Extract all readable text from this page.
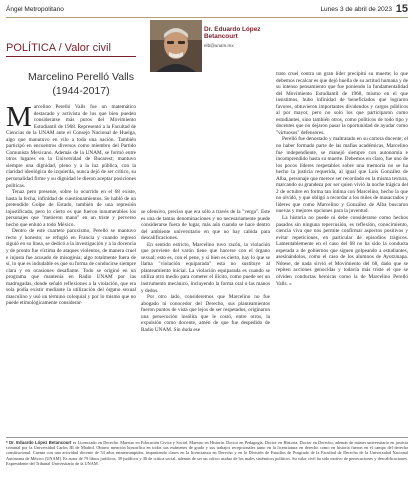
Ángel Metropolitano	Lunes 3 de abril de 2023 15
POLÍTICA / Valor civil
Dr. Eduardo López Betancourt
elb@unam.mx
Marcelino Perelló Valls
(1944-2017)

Marcelino Perelló Valls fue un matemático destacado y activista de los que bien pueden considerarse más puros del Movimiento Estudiantil de 1968. Representó a la Facultad de Ciencias de la UNAM ante el Consejo Nacional de Huelga, algo que manutuvo en vilo a toda una nación. También participó en encuentros diversos como miembro del Partido Comunista Mexicano. Además de la UNAM, se formó entre otros lugares en la Universidad de Bucarest; mantuvo siempre una dignidad, pleno y a la luz pública, con la claridad ideológica de izquierda, nunca dejó de ser crítico, su personalidad firme y su dignidad le dieron aceptar posiciones políticas.

Tenaz pero presente, sobre lo ocurrido en el 68 existe, hasta la fecha, infinidad de cuestionamientos. Se habló de un pretendido Golpe de Estado, también de una represión injustificada, pero lo cierto es que fueron innumerables los personajes que "metieron mano" en un triste y perverso hecho que enlutó a todo México.

Dentro de este cuarteto paroxísmo, Perelló se mantuvo recto y honesto; se refugió en Francia y cuando regresó siguió en su línea, se dedicó a la investigación y a la docencia y de pronto fue víctima de ataques violentos, de manera cruel e injusta fue acusado de misoginia; algo totalmente fuera de sí, lo que es indudable es que su forma de conducirse siempre clara y en ocasiones desafiante. Todo se originó en un programa que mantenía en Radio UNAM por las madrugadas, donde señaló reflexiones a la violación, que era sola podía existir mediante la utilización del órgano sexual masculino y usó un término coloquial y por lo mismo que no puede etimológicamente considerar-

se ofensivo, preciso que era sólo a través de la "verga". Este es una de tantas denominaciones y no necesariamente puede considerarse fuera de lugar, más aún cuando se hace dentro del ambiente universitario en que no hay cabida para descalificaciones.

En sentido estricto, Marcelino tuvo razón, la violación que proviene del varón tiene que hacerse con el órgano sexual; esto es, con el pene, y si bien es cierto, hay lo que se llama "violación equiparada" esta no sustituye al planteamiento inicial. La violación equiparada es cuando se utiliza otro medio para cometer el ilícito, como puede ser un instrumento mecánico, incluyendo la forma oral o las manos y dedos.

Por otro lado, consideremos que Marcelino no fue abogado ni conocedor del Derecho, sus planteamientos fueron puntos de vista que lejos de ser respetados, originaron una persecución insólita que le costó, entre otros, la expulsión como docente, amén de que fue despedido de Radio UNAM. Sin duda ese

trato cruel contra un gran líder precipitó su muerte; lo que debemos recalcar es que dejó huella de su actitud humana y de su intenso pensamiento que fue poniendo la fundamentalidad del Movimiento Estudiantil de 1968, mismo en el que insistimos, hubo infinidad de beneficiados que lograron favores, obtuvieron importantes dividendos y cargos públicos al por mayor, pero no solo los que participaron como estudiantes, sino también otros, como políticos de todo tipo y docentes que no dejaron pasar la oportunidad de ayudar como "virtuosos" defensores.

Perelló fue denostado y maltratado en su carrera docente; el no haber formado parte de las mafias académicas, Marcelino fue independiente, se manejó siempre con autonomía e incomprendido hasta su muerte. Debemos en claro, fue uno de los pocos líderes respetables sobre una memoria no se ha hecho la justicia requerida, al igual que Luis González de Alba, personaje que merece ser recordado en la misma textura, marcando su grandeza por ser quien vivió la noche trágica del 2 de octubre en forma tan íntima con Marcelino, hecho la que no olvidó, y que obligó a recordar a los miles de masacrados y líderes que como Marcelino y González de Alba buscaron nuevas y mejores opciones para la juventud.

La historia no puede ni debe considerarse como hechos pasados sin ninguna repercusión, es reflexión, conocimiento, ciencia viva que nos permite confirmar aspectos positivos y evitar repeticiones, en particular de episodios trágicos. Lamentablemente en el caso del 68 no ha sido la conducta esperada a de gobiernos que siguen golpeando a estudiantes, asesinándolos, como el caso de los alumnos de Ayotzinapa. Nótese, de nada sirvió el Movimiento del 68, dado que se repiten acciones genocidas y todavía más triste el que se olviden conductas heroicas como la de Marcelino Perelló Valls. «

* Dr. Eduardo López Betancourt es Licenciado en Derecho. Maestro en Educación Cívica y Social. Maestro en Historia. Doctor en Pedagogía. Doctor en Historia. Doctor en Derecho, además de máster universitario en justicia criminal por la Universidad Carlos III de Madrid. Obtuvo mención honorífica en todos sus exámenes de grado y sus trabajos recepcionales tanto en la licenciatura en derecho como en historia fueron en el campo del derecho constitucional. Cuenta con una actividad docente de 54 años ininterrumpidos, impartiendo clases en la licenciatura en Derecho y en la División de Estudios de Posgrado de la Facultad de Derecho de la Universidad Nacional Autónoma de México (UNAM). Es autor de 79 libros jurídicos, 39 jurídicos y 40 de crítica social, además de ser un crítico asiduo de los males sistémicos políticos. Su valor civil ha sido motivo de persecuciones y descalificaciones. Expresidente del Tribunal Universitario de la UNAM.
